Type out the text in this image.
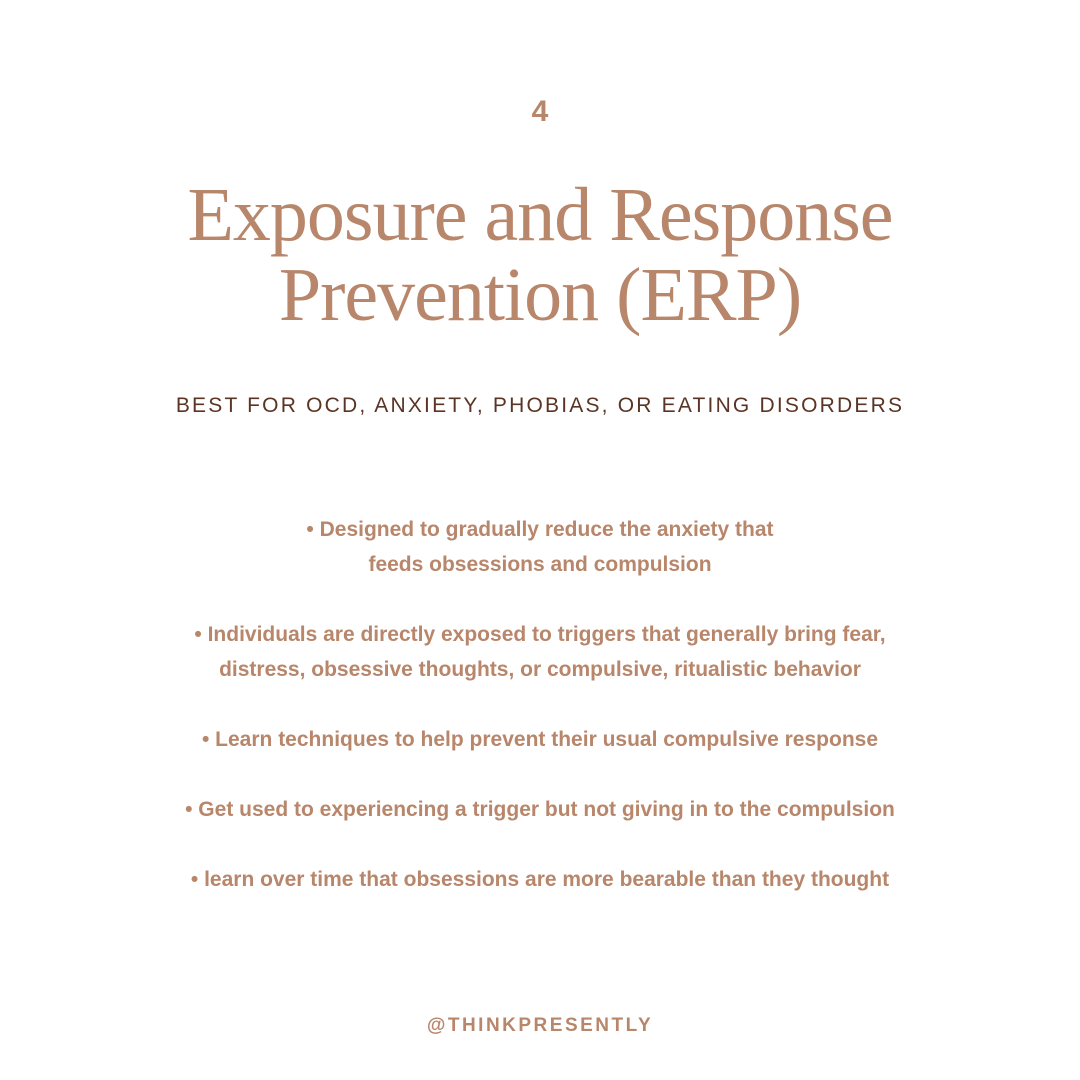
4
Exposure and Response
Prevention (ERP)
BEST FOR OCD, ANXIETY, PHOBIAS, OR EATING DISORDERS
• Designed to gradually reduce the anxiety that
feeds obsessions and compulsion
• Individuals are directly exposed to triggers that generally bring fear,
distress, obsessive thoughts, or compulsive, ritualistic behavior
• Learn techniques to help prevent their usual compulsive response
• Get used to experiencing a trigger but not giving in to the compulsion
• learn over time that obsessions are more bearable than they thought
@THINKPRESENTLY
